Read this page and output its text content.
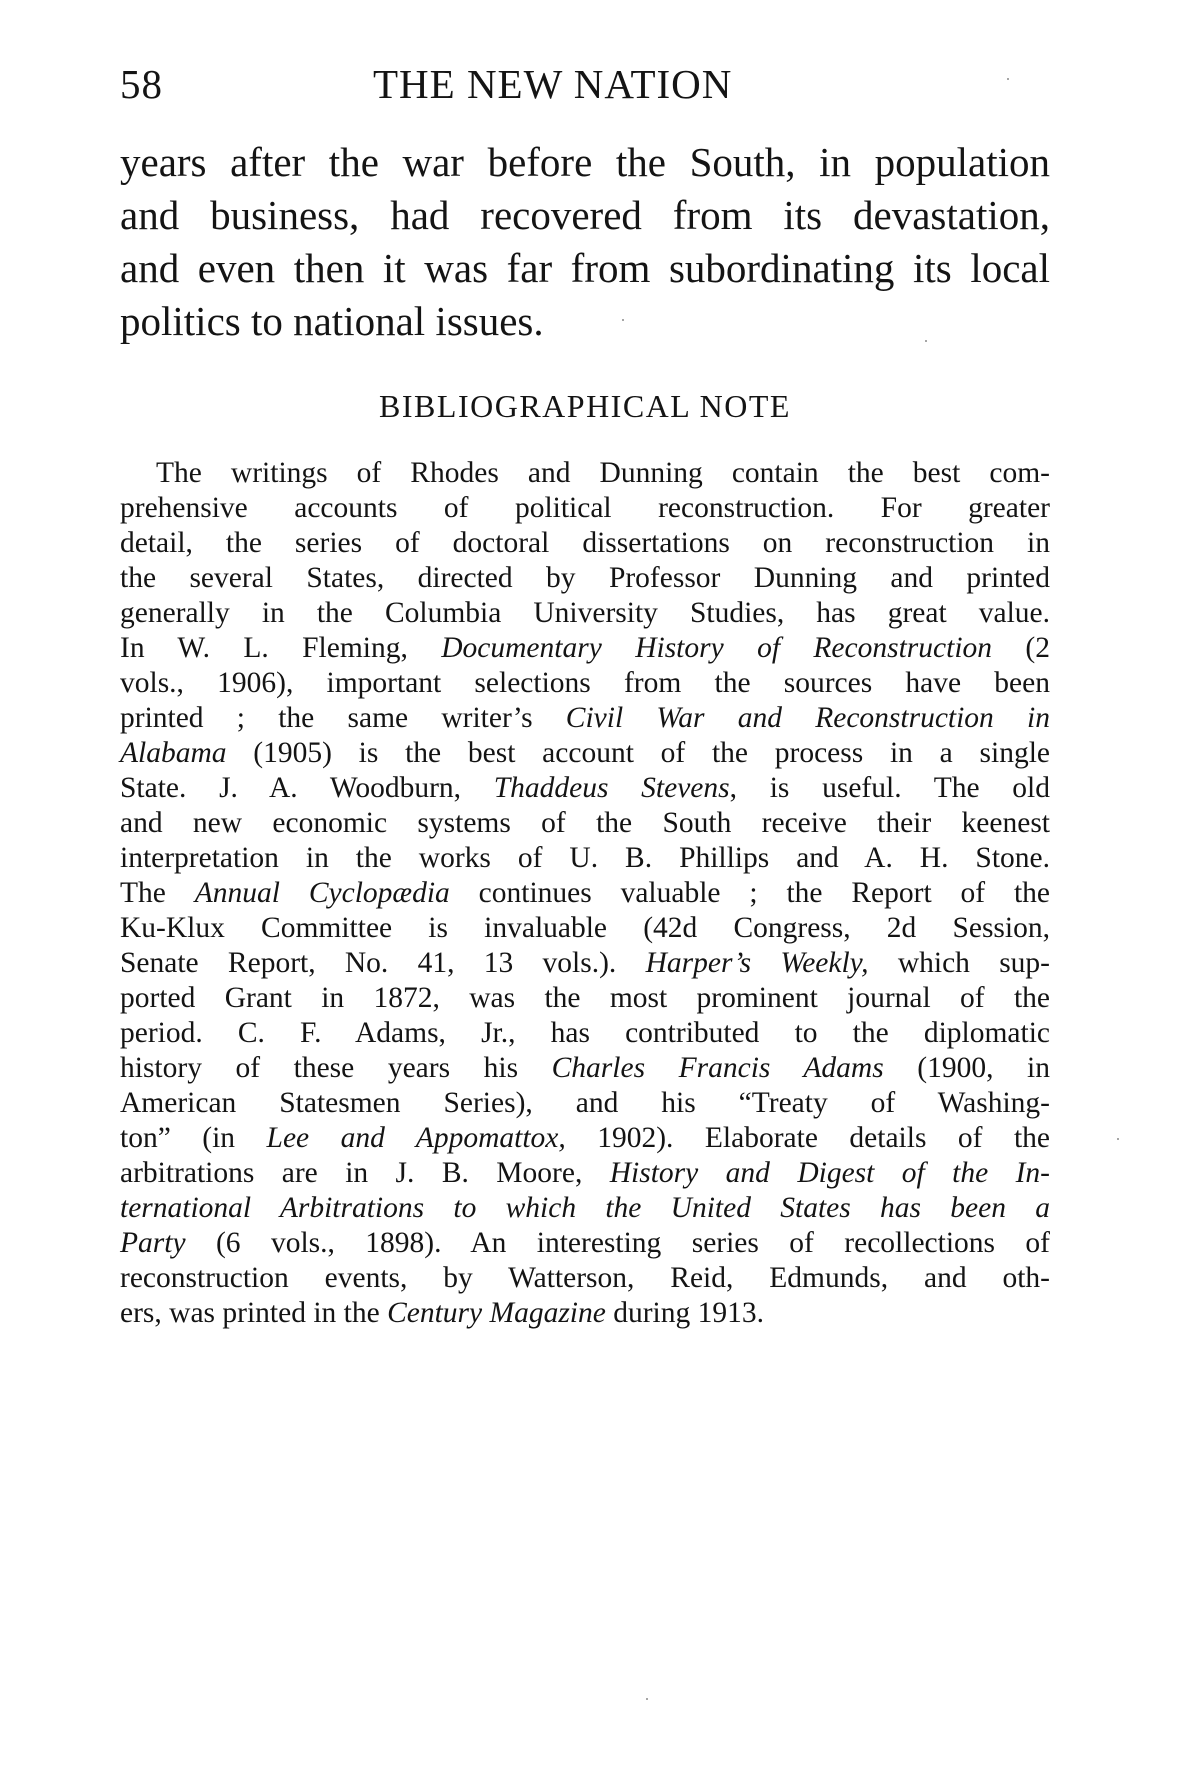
58	THE NEW NATION
years after the war before the South, in population
and business, had recovered from its devastation,
and even then it was far from subordinating its local
politics to national issues.
BIBLIOGRAPHICAL NOTE
The writings of Rhodes and Dunning contain the best com-
prehensive accounts of political reconstruction. For greater
detail, the series of doctoral dissertations on reconstruction in
the several States, directed by Professor Dunning and printed
generally in the Columbia University Studies, has great value.
In W. L. Fleming, Documentary History of Reconstruction (2
vols., 1906), important selections from the sources have been
printed ; the same writer’s Civil War and Reconstruction in
Alabama (1905) is the best account of the process in a single
State. J. A. Woodburn, Thaddeus Stevens, is useful. The old
and new economic systems of the South receive their keenest
interpretation in the works of U. B. Phillips and A. H. Stone.
The Annual Cyclopædia continues valuable ; the Report of the
Ku-Klux Committee is invaluable (42d Congress, 2d Session,
Senate Report, No. 41, 13 vols.). Harper’s Weekly, which sup-
ported Grant in 1872, was the most prominent journal of the
period. C. F. Adams, Jr., has contributed to the diplomatic
history of these years his Charles Francis Adams (1900, in
American Statesmen Series), and his “Treaty of Washing-
ton” (in Lee and Appomattox, 1902). Elaborate details of the
arbitrations are in J. B. Moore, History and Digest of the In-
ternational Arbitrations to which the United States has been a
Party (6 vols., 1898). An interesting series of recollections of
reconstruction events, by Watterson, Reid, Edmunds, and oth-
ers, was printed in the Century Magazine during 1913.
